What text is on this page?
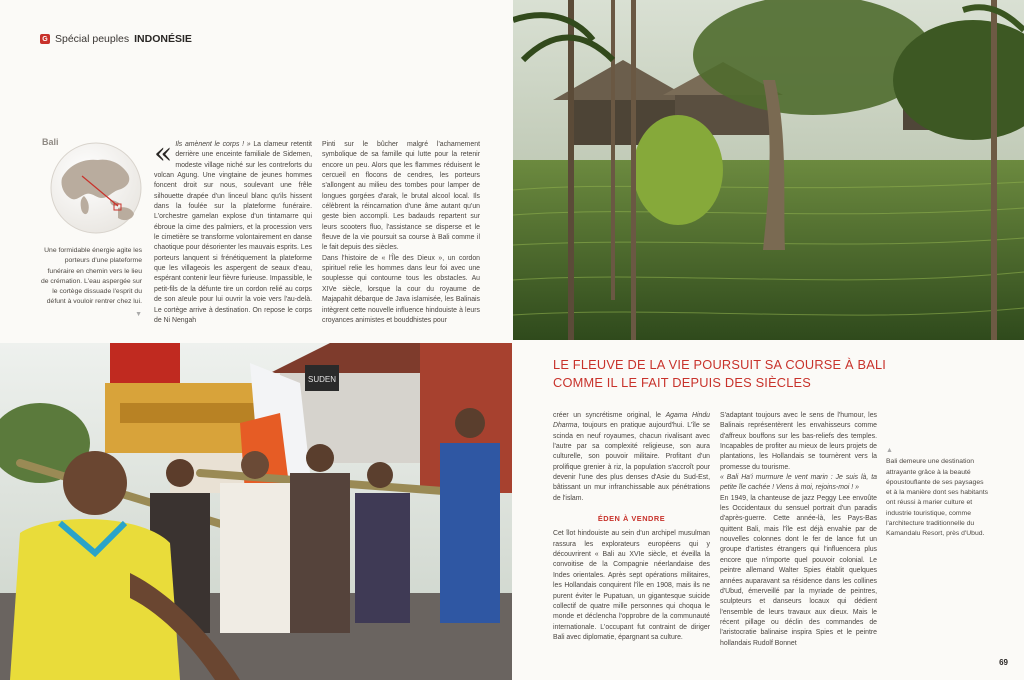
G Spécial peuples INDONÉSIE
Bali
Une formidable énergie agite les porteurs d'une plateforme funéraire en chemin vers le lieu de crémation. L'eau aspergée sur le cortège dissuade l'esprit du défunt à vouloir rentrer chez lui.
▼
« Ils amènent le corps ! » La clameur retentit derrière une enceinte familiale de Sidemen, modeste village niché sur les contreforts du volcan Agung. Une vingtaine de jeunes hommes foncent droit sur nous, soulevant une frêle silhouette drapée d'un linceul blanc qu'ils hissent dans la foulée sur la plateforme funéraire. L'orchestre gamelan explose d'un tintamarre qui ébroue la cime des palmiers, et la procession vers le cimetière se transforme volontairement en danse chaotique pour désorienter les mauvais esprits. Les porteurs lanquent si frénétiquement la plateforme que les villageois les aspergent de seaux d'eau, espérant contenir leur fièvre furieuse. Impassible, le petit-fils de la défunte tire un cordon relié au corps de son aïeule pour lui ouvrir la voie vers l'au-delà. Le cortège arrive à destination. On repose le corps de Ni Nengah

Pinti sur le bûcher malgré l'acharnement symbolique de sa famille qui lutte pour la retenir encore un peu. Alors que les flammes réduisent le cercueil en flocons de cendres, les porteurs s'allongent au milieu des tombes pour lamper de longues gorgées d'arak, le brutal alcool local. Ils célèbrent la réincarnation d'une âme autant qu'un geste bien accompli. Les badauds repartent sur leurs scooters fluo, l'assistance se disperse et le fleuve de la vie poursuit sa course à Bali comme il le fait depuis des siècles.

Dans l'histoire de « l'Île des Dieux », un cordon spirituel relie les hommes dans leur foi avec une souplesse qui contourne tous les obstacles. Au XIVe siècle, lorsque la cour du royaume de Majapahit débarque de Java islamisée, les Balinais intègrent cette nouvelle influence hindouiste à leurs croyances animistes et bouddhistes pour

SUDEN
LE FLEUVE DE LA VIE POURSUIT SA COURSE À BALI
COMME IL LE FAIT DEPUIS DES SIÈCLES

créer un syncrétisme original, le Agama Hindu Dharma, toujours en pratique aujourd'hui. L'île se scinda en neuf royaumes, chacun rivalisant avec l'autre par sa complexité religieuse, son aura culturelle, son pouvoir militaire. Profitant d'un prolifique grenier à riz, la population s'accroît pour devenir l'une des plus denses d'Asie du Sud-Est, bâtissant un mur infranchissable aux pénétrations de l'islam.

ÉDEN À VENDRE

Cet îlot hindouiste au sein d'un archipel musulman rassura les explorateurs européens qui y découvrirent « Bali au XVIe siècle, et éveilla la convoitise de la Compagnie néerlandaise des Indes orientales. Après sept opérations militaires, les Hollandais conquirent l'île en 1908, mais ils ne purent éviter le Pupatuan, un gigantesque suicide collectif de quatre mille personnes qui choqua le monde et déclencha l'opprobre de la communauté internationale. L'occupant fut contraint de diriger Bali avec diplomatie, épargnant sa culture.

S'adaptant toujours avec le sens de l'humour, les Balinais représentèrent les envahisseurs comme d'affreux bouffons sur les bas-reliefs des temples. Incapables de profiter au mieux de leurs projets de plantations, les Hollandais se tournèrent vers la promesse du tourisme.

« Bali Ha'i murmure le vent marin : Je suis là, ta petite île cachée ! Viens à moi, rejoins-moi ! »

En 1949, la chanteuse de jazz Peggy Lee envoûte les Occidentaux du sensuel portrait d'un paradis d'après-guerre. Cette année-là, les Pays-Bas quittent Bali, mais l'île est déjà envahie par de nouvelles colonnes dont le fer de lance fut un groupe d'artistes étrangers qui l'influencera plus encore que n'importe quel pouvoir colonial. Le peintre allemand Walter Spies établit quelques années auparavant sa résidence dans les collines d'Ubud, émerveillé par la myriade de peintres, sculpteurs et danseurs locaux qui dédient l'ensemble de leurs travaux aux dieux. Mais le récent pillage ou déclin des commandes de l'aristocratie balinaise inspira Spies et le peintre hollandais Rudolf Bonnet

▲
Bali demeure une destination attrayante grâce à la beauté époustouflante de ses paysages et à la manière dont ses habitants ont réussi à marier culture et industrie touristique, comme l'architecture traditionnelle du Kamandalu Resort, près d'Ubud.
69
